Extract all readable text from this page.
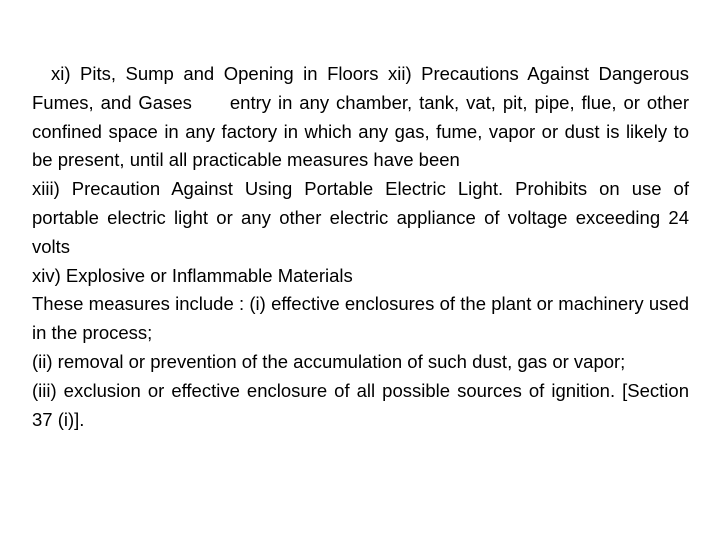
xi) Pits, Sump and Opening in Floors xii) Precautions Against Dangerous Fumes, and Gases entry in any chamber, tank, vat, pit, pipe, flue, or other confined space in any factory in which any gas, fume, vapor or dust is likely to be present, until all practicable measures have been

xiii) Precaution Against Using Portable Electric Light. Prohibits on use of portable electric light or any other electric appliance of voltage exceeding 24 volts

xiv) Explosive or Inflammable Materials

These measures include : (i) effective enclosures of the plant or machinery used in the process;

(ii) removal or prevention of the accumulation of such dust, gas or vapor;

(iii) exclusion or effective enclosure of all possible sources of ignition. [Section 37 (i)].
